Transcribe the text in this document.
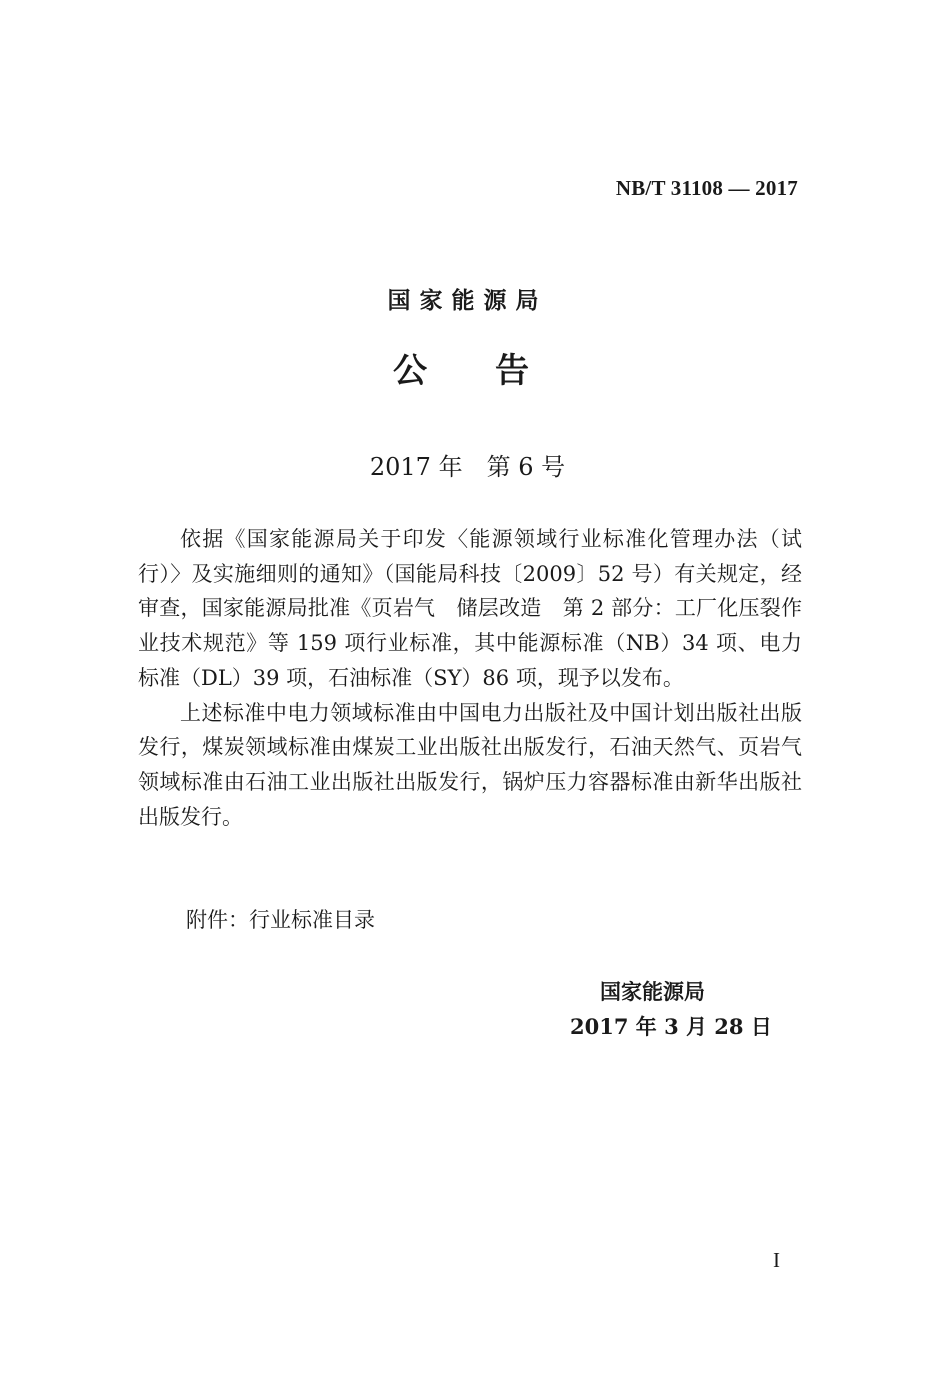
NB/T 31108 — 2017
国家能源局
公告
2017 年　第 6 号

依据《国家能源局关于印发〈能源领域行业标准化管理办法（试行）〉及实施细则的通知》（国能局科技〔2009〕52 号）有关规定，经审查，国家能源局批准《页岩气　储层改造　第 2 部分：工厂化压裂作业技术规范》等 159 项行业标准，其中能源标准（NB）34 项、电力标准（DL）39 项，石油标准（SY）86 项，现予以发布。

上述标准中电力领域标准由中国电力出版社及中国计划出版社出版发行，煤炭领域标准由煤炭工业出版社出版发行，石油天然气、页岩气领域标准由石油工业出版社出版发行，锅炉压力容器标准由新华出版社出版发行。

附件：行业标准目录
国家能源局
2017 年 3 月 28 日
I
